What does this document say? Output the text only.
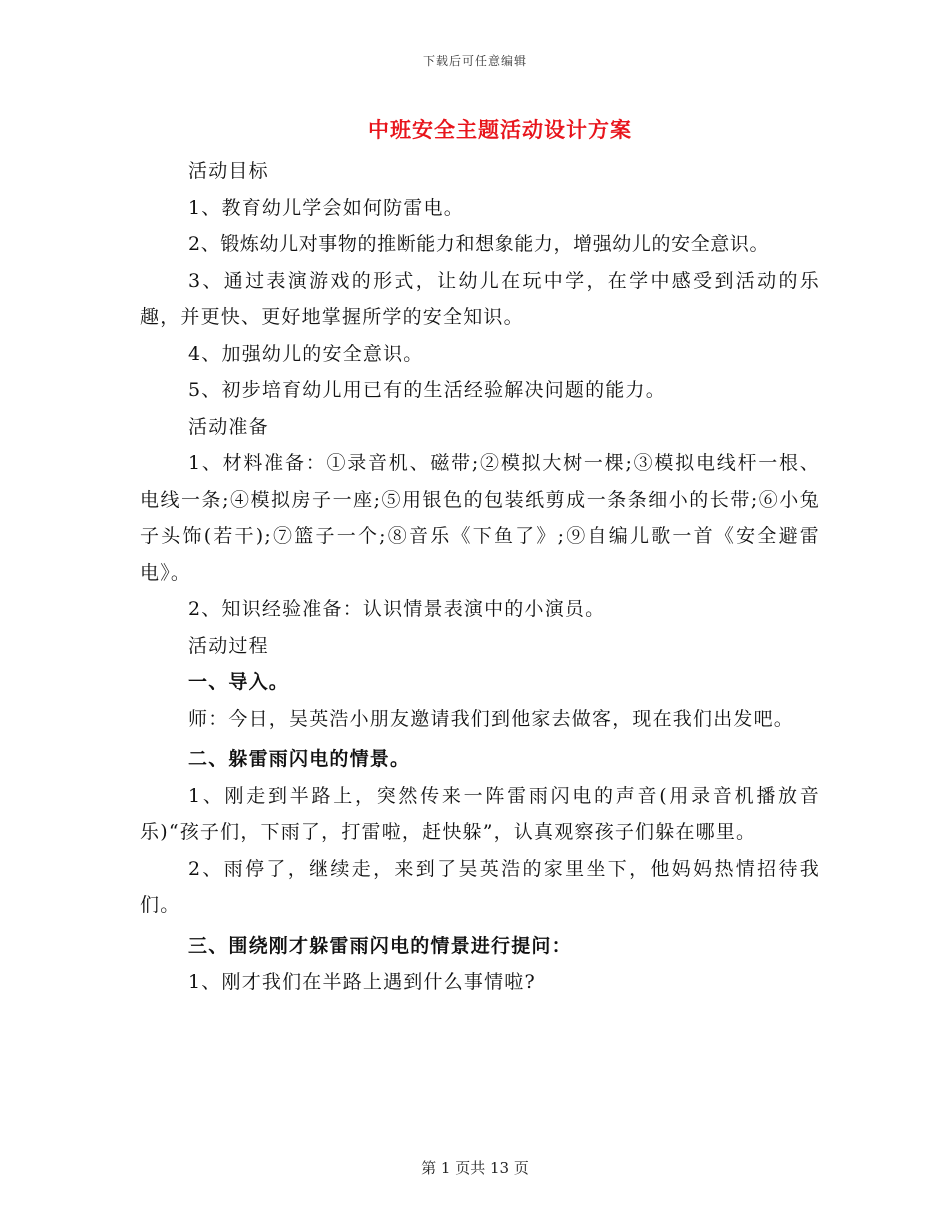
下载后可任意编辑
中班安全主题活动设计方案

活动目标

1、教育幼儿学会如何防雷电。

2、锻炼幼儿对事物的推断能力和想象能力，增强幼儿的安全意识。

3、通过表演游戏的形式，让幼儿在玩中学，在学中感受到活动的乐趣，并更快、更好地掌握所学的安全知识。

4、加强幼儿的安全意识。

5、初步培育幼儿用已有的生活经验解决问题的能力。

活动准备

1、材料准备：①录音机、磁带;②模拟大树一棵;③模拟电线杆一根、电线一条;④模拟房子一座;⑤用银色的包装纸剪成一条条细小的长带;⑥小兔子头饰(若干);⑦篮子一个;⑧音乐《下鱼了》;⑨自编儿歌一首《安全避雷电》。

2、知识经验准备：认识情景表演中的小演员。

活动过程

一、导入。

师：今日，吴英浩小朋友邀请我们到他家去做客，现在我们出发吧。

二、躲雷雨闪电的情景。

1、刚走到半路上，突然传来一阵雷雨闪电的声音(用录音机播放音乐)“孩子们，下雨了，打雷啦，赶快躲”，认真观察孩子们躲在哪里。

2、雨停了，继续走，来到了吴英浩的家里坐下，他妈妈热情招待我们。

三、围绕刚才躲雷雨闪电的情景进行提问：

1、刚才我们在半路上遇到什么事情啦?

第 1 页共 13 页
